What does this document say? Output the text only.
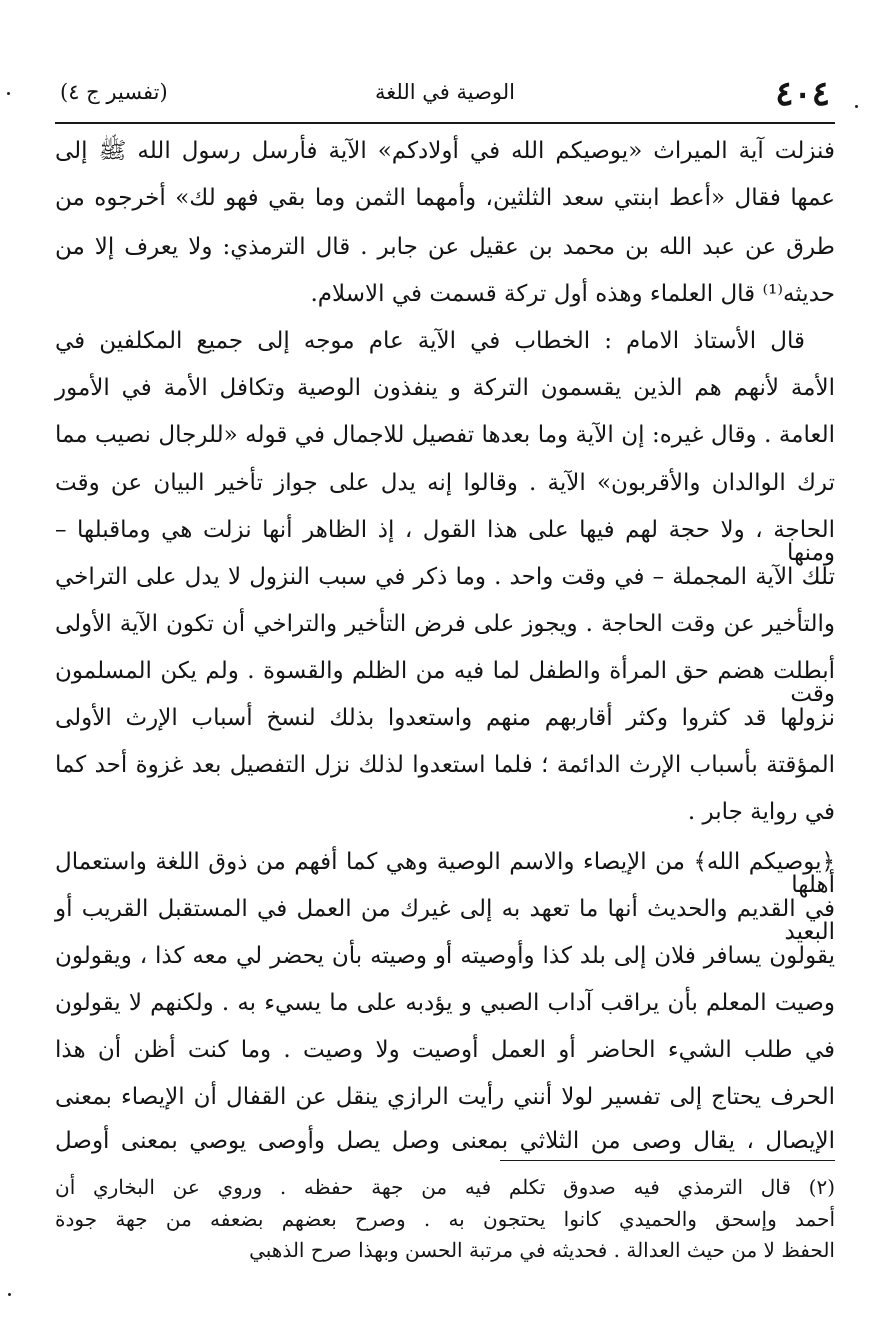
٤٠٤
الوصية في اللغة
(تفسير ج ٤)
فنزلت آية الميراث «يوصيكم الله في أولادكم» الآية فأرسل رسول الله ﷺ إلى
عمها فقال «أعط ابنتي سعد الثلثين، وأمهما الثمن وما بقي فهو لك» أخرجوه من
طرق عن عبد الله بن محمد بن عقيل عن جابر . قال الترمذي: ولا يعرف إلا من
حديثه⁽¹⁾ قال العلماء وهذه أول تركة قسمت في الاسلام.
قال الأستاذ الامام : الخطاب في الآية عام موجه إلى جميع المكلفين في
الأمة لأنهم هم الذين يقسمون التركة و ينفذون الوصية وتكافل الأمة في الأمور
العامة . وقال غيره: إن الآية وما بعدها تفصيل للاجمال في قوله «للرجال نصيب مما
ترك الوالدان والأقربون» الآية . وقالوا إنه يدل على جواز تأخير البيان عن وقت
الحاجة ، ولا حجة لهم فيها على هذا القول ، إذ الظاهر أنها نزلت هي وماقبلها – ومنها
تلك الآية المجملة – في وقت واحد . وما ذكر في سبب النزول لا يدل على التراخي
والتأخير عن وقت الحاجة . ويجوز على فرض التأخير والتراخي أن تكون الآية الأولى
أبطلت هضم حق المرأة والطفل لما فيه من الظلم والقسوة . ولم يكن المسلمون وقت
نزولها قد كثروا وكثر أقاربهم منهم واستعدوا بذلك لنسخ أسباب الإرث الأولى
المؤقتة بأسباب الإرث الدائمة ؛ فلما استعدوا لذلك نزل التفصيل بعد غزوة أحد كما
في رواية جابر .
﴿يوصيكم الله﴾ من الإيصاء والاسم الوصية وهي كما أفهم من ذوق اللغة واستعمال أهلها
في القديم والحديث أنها ما تعهد به إلى غيرك من العمل في المستقبل القريب أو البعيد
يقولون يسافر فلان إلى بلد كذا وأوصيته أو وصيته بأن يحضر لي معه كذا ، ويقولون
وصيت المعلم بأن يراقب آداب الصبي و يؤدبه على ما يسيء به . ولكنهم لا يقولون
في طلب الشيء الحاضر أو العمل أوصيت ولا وصيت . وما كنت أظن أن هذا
الحرف يحتاج إلى تفسير لولا أنني رأيت الرازي ينقل عن القفال أن الإيصاء بمعنى
الإيصال ، يقال وصى من الثلاثي بمعنى وصل يصل وأوصى يوصي بمعنى أوصل
(٢) قال الترمذي فيه صدوق تكلم فيه من جهة حفظه . وروي عن البخاري أن
أحمد وإسحق والحميدي كانوا يحتجون به . وصرح بعضهم بضعفه من جهة جودة
الحفظ لا من حيث العدالة . فحديثه في مرتبة الحسن وبهذا صرح الذهبي
